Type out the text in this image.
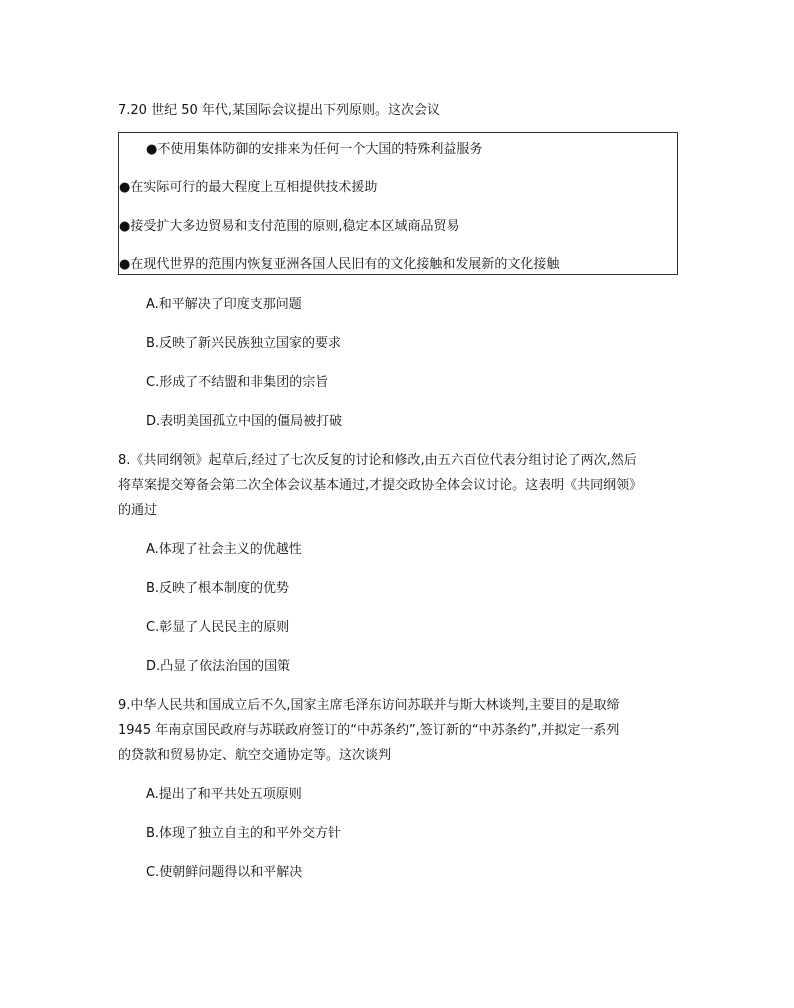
7.20 世纪 50 年代,某国际会议提出下列原则。这次会议
●不使用集体防御的安排来为任何一个大国的特殊利益服务
●在实际可行的最大程度上互相提供技术援助
●接受扩大多边贸易和支付范围的原则,稳定本区域商品贸易
●在现代世界的范围内恢复亚洲各国人民旧有的文化接触和发展新的文化接触
A.和平解决了印度支那问题
B.反映了新兴民族独立国家的要求
C.形成了不结盟和非集团的宗旨
D.表明美国孤立中国的僵局被打破
8.《共同纲领》起草后,经过了七次反复的讨论和修改,由五六百位代表分组讨论了两次,然后
将草案提交筹备会第二次全体会议基本通过,才提交政协全体会议讨论。这表明《共同纲领》
的通过
A.体现了社会主义的优越性
B.反映了根本制度的优势
C.彰显了人民民主的原则
D.凸显了依法治国的国策
9.中华人民共和国成立后不久,国家主席毛泽东访问苏联并与斯大林谈判,主要目的是取缔
1945 年南京国民政府与苏联政府签订的“中苏条约”,签订新的“中苏条约”,并拟定一系列
的贷款和贸易协定、航空交通协定等。这次谈判
A.提出了和平共处五项原则
B.体现了独立自主的和平外交方针
C.使朝鲜问题得以和平解决
